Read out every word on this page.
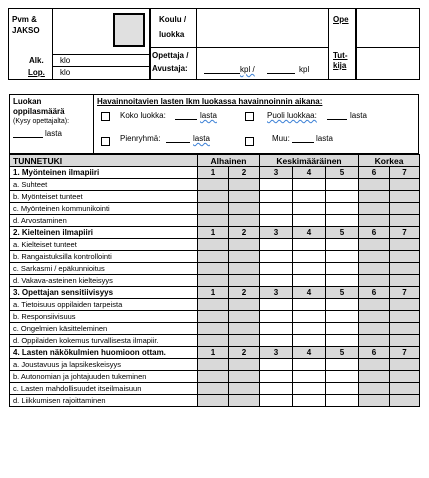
Pvm &
JAKSO
Alk.
Lop.
klo
klo
Koulu /
luokka
Opettaja /
Avustaja:	kpl /	kpl
Ope
Tut-
kija
Luokan
oppilasmäärä
(Kysy opettajalta):
lasta
Havainnoitavien lasten lkm luokassa havainnoinnin aikana:
Koko luokka:	lasta	Puoli luokkaa:	lasta
Pienryhmä:	lasta	Muu:	lasta
TUNNETUKI	Alhainen		Keskimääräinen			Korkea	
1. Myönteinen ilmapiiri	1	2	3	4	5	6	7
a. Suhteet							
b. Myönteiset tunteet							
c. Myönteinen kommunikointi							
d. Arvostaminen							
2. Kielteinen ilmapiiri	1	2	3	4	5	6	7
a. Kielteiset tunteet							
b. Rangaistuksilla kontrollointi							
c. Sarkasmi / epäkunnioitus							
d. Vakava-asteinen kielteisyys							
3. Opettajan sensitiivisyys	1	2	3	4	5	6	7
a. Tietoisuus oppilaiden tarpeista							
b. Responsiivisuus							
c. Ongelmien käsitteleminen							
d. Oppilaiden kokemus turvallisesta ilmapiir.							
4. Lasten näkökulmien huomioon ottam.	1	2	3	4	5	6	7
a. Joustavuus ja lapsikeskeisyys							
b. Autonomian ja johtajuuden tukeminen							
c. Lasten mahdollisuudet itseilmaisuun							
d. Liikkumisen rajoittaminen							
